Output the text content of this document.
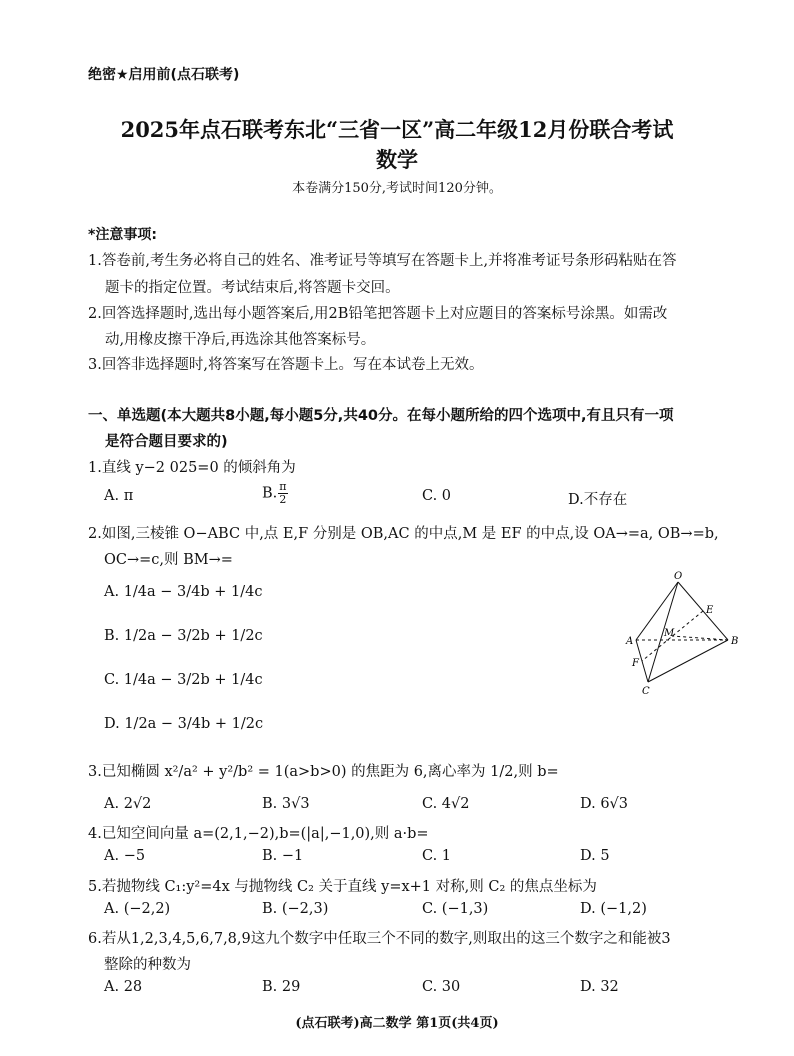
绝密★启用前(点石联考)
2025年点石联考东北“三省一区”高二年级12月份联合考试
数学
本卷满分150分,考试时间120分钟。
*注意事项:
1.答卷前,考生务必将自己的姓名、准考证号等填写在答题卡上,并将准考证号条形码粘贴在答
题卡的指定位置。考试结束后,将答题卡交回。
2.回答选择题时,选出每小题答案后,用2B铅笔把答题卡上对应题目的答案标号涂黑。如需改
动,用橡皮擦干净后,再选涂其他答案标号。
3.回答非选择题时,将答案写在答题卡上。写在本试卷上无效。
一、单选题(本大题共8小题,每小题5分,共40分。在每小题所给的四个选项中,有且只有一项
是符合题目要求的)
1.直线 y−2 025=0 的倾斜角为
A. π	B. $\frac{\pi}{2}$	C. 0	D.不存在
2.如图,三棱锥 O−ABC 中,点 E,F 分别是 OB,AC 的中点,M 是 EF 的中点,设 OA→=a, OB→=b,
OC→=c,则 BM→=
A. 1/4a − 3/4b + 1/4c
B. 1/2a − 3/2b + 1/2c
C. 1/4a − 3/2b + 1/4c
D. 1/2a − 3/4b + 1/2c
O
E
M
A	B
F
C
3.已知椭圆 x²/a² + y²/b² = 1(a>b>0) 的焦距为 6,离心率为 1/2,则 b=
A. 2√2	B. 3√3	C. 4√2	D. 6√3
4.已知空间向量 a=(2,1,−2),b=(|a|,−1,0),则 a·b=
A. −5	B. −1	C. 1	D. 5
5.若抛物线 C₁:y²=4x 与抛物线 C₂ 关于直线 y=x+1 对称,则 C₂ 的焦点坐标为
A. (−2,2)	B. (−2,3)	C. (−1,3)	D. (−1,2)
6.若从1,2,3,4,5,6,7,8,9这九个数字中任取三个不同的数字,则取出的这三个数字之和能被3
整除的种数为
A. 28	B. 29	C. 30	D. 32
(点石联考)高二数学 第1页(共4页)
